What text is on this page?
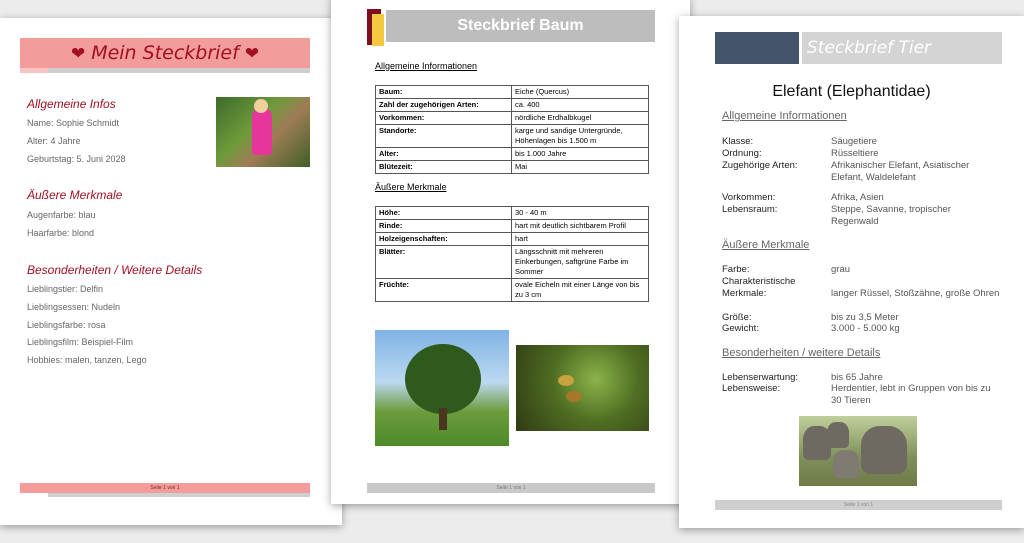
❤ Mein Steckbrief ❤
Allgemeine Infos
Name: Sophie Schmidt
Alter: 4 Jahre
Geburtstag: 5. Juni 2028
Äußere Merkmale
Augenfarbe: blau
Haarfarbe: blond
Besonderheiten / Weitere Details
Lieblingstier: Delfin
Lieblingsessen: Nudeln
Lieblingsfarbe: rosa
Lieblingsfilm: Beispiel-Film
Hobbies: malen, tanzen, Lego
Seite 1 von 1
Steckbrief Baum
Allgemeine Informationen
Baum:	Eiche (Quercus)
Zahl der zugehörigen Arten:	ca. 400
Vorkommen:	nördliche Erdhalbkugel
Standorte:	karge und sandige Untergründe, Höhenlagen bis 1.500 m
Alter:	bis 1.000 Jahre
Blütezeit:	Mai
Äußere Merkmale
Höhe:	30 - 40 m
Rinde:	hart mit deutlich sichtbarem Profil
Holzeigenschaften:	hart
Blätter:	Längsschnitt mit mehreren Einkerbungen, saftgrüne Farbe im Sommer
Früchte:	ovale Eicheln mit einer Länge von bis zu 3 cm
Seite 1 von 1
Steckbrief Tier
Elefant (Elephantidae)
Allgemeine Informationen
Klasse:	Säugetiere
Ordnung:	Rüsseltiere
Zugehörige Arten:	Afrikanischer Elefant, Asiatischer Elefant, Waldelefant
Vorkommen:	Afrika, Asien
Lebensraum:	Steppe, Savanne, tropischer Regenwald
Äußere Merkmale
Farbe:	grau
Charakteristische Merkmale:	langer Rüssel, Stoßzähne, große Ohren
Größe:	bis zu 3,5 Meter
Gewicht:	3.000 - 5.000 kg
Besonderheiten / weitere Details
Lebenserwartung:	bis 65 Jahre
Lebensweise:	Herdentier, lebt in Gruppen von bis zu 30 Tieren
Seite 1 von 1
